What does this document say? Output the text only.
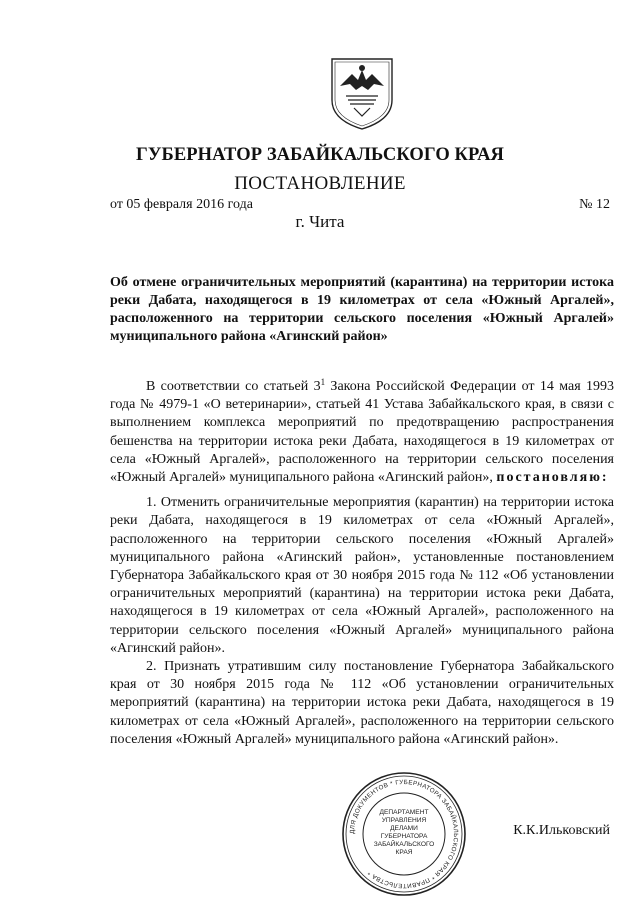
ГУБЕРНАТОР ЗАБАЙКАЛЬСКОГО КРАЯ
ПОСТАНОВЛЕНИЕ
от 05 февраля 2016 года	№ 12
г. Чита
Об отмене ограничительных мероприятий (карантина) на территории истока реки Дабата, находящегося в 19 километрах от села «Южный Аргалей», расположенного на территории сельского поселения «Южный Аргалей» муниципального района «Агинский район»

В соответствии со статьей $3^1$ Закона Российской Федерации от 14 мая 1993 года № 4979-1 «О ветеринарии», статьей 41 Устава Забайкальского края, в связи с выполнением комплекса мероприятий по предотвращению распространения бешенства на территории истока реки Дабата, находящегося в 19 километрах от села «Южный Аргалей», расположенного на территории сельского поселения «Южный Аргалей» муниципального района «Агинский район», постановляю:

1. Отменить ограничительные мероприятия (карантин) на территории истока реки Дабата, находящегося в 19 километрах от села «Южный Аргалей», расположенного на территории сельского поселения «Южный Аргалей» муниципального района «Агинский район», установленные постановлением Губернатора Забайкальского края от 30 ноября 2015 года № 112 «Об установлении ограничительных мероприятий (карантина) на территории истока реки Дабата, находящегося в 19 километрах от села «Южный Аргалей», расположенного на территории сельского поселения «Южный Аргалей» муниципального района «Агинский район».

2. Признать утратившим силу постановление Губернатора Забайкальского края от 30 ноября 2015 года № 112 «Об установлении ограничительных мероприятий (карантина) на территории истока реки Дабата, находящегося в 19 километрах от села «Южный Аргалей», расположенного на территории сельского поселения «Южный Аргалей» муниципального района «Агинский район».

ДЛЯ ДОКУМЕНТОВ * ГУБЕРНАТОРА ЗАБАЙКАЛЬСКОГО КРАЯ * ПРАВИТЕЛЬСТВА *
ДЕПАРТАМЕНТ
УПРАВЛЕНИЯ
ДЕЛАМИ
ГУБЕРНАТОРА
ЗАБАЙКАЛЬСКОГО
КРАЯ
К.К.Ильковский
